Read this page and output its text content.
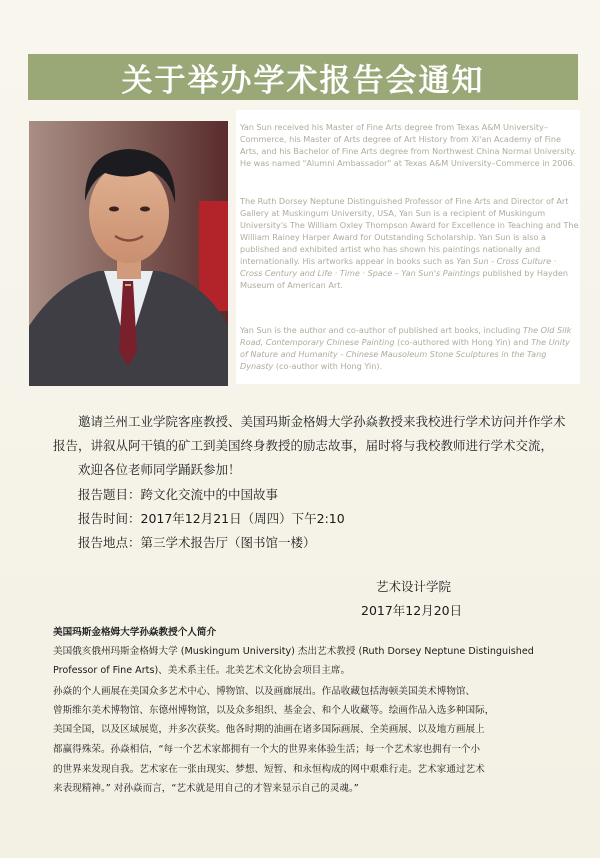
关于举办学术报告会通知

Yan Sun received his Master of Fine Arts degree from Texas A&M University–Commerce, his Master of Arts degree of Art History from Xi'an Academy of Fine Arts, and his Bachelor of Fine Arts degree from Northwest China Normal University. He was named "Alumni Ambassador" at Texas A&M University–Commerce in 2006.

The Ruth Dorsey Neptune Distinguished Professor of Fine Arts and Director of Art Gallery at Muskingum University, USA, Yan Sun is a recipient of Muskingum University's The William Oxley Thompson Award for Excellence in Teaching and The William Rainey Harper Award for Outstanding Scholarship. Yan Sun is also a published and exhibited artist who has shown his paintings nationally and internationally. His artworks appear in books such as Yan Sun - Cross Culture · Cross Century and Life · Time · Space – Yan Sun's Paintings published by Hayden Museum of American Art.

Yan Sun is the author and co-author of published art books, including The Old Silk Road, Contemporary Chinese Painting (co-authored with Hong Yin) and The Unity of Nature and Humanity - Chinese Mausoleum Stone Sculptures in the Tang Dynasty (co-author with Hong Yin).

邀请兰州工业学院客座教授、美国玛斯金格姆大学孙焱教授来我校进行学术访问并作学术

报告，讲叙从阿干镇的矿工到美国终身教授的励志故事，届时将与我校教师进行学术交流，

欢迎各位老师同学踊跃参加！

报告题目：跨文化交流中的中国故事

报告时间：2017年12月21日（周四）下午2:10

报告地点：第三学术报告厅（图书馆一楼）

艺术设计学院

2017年12月20日

美国玛斯金格姆大学孙焱教授个人简介

美国俄亥俄州玛斯金格姆大学 (Muskingum University) 杰出艺术教授 (Ruth Dorsey Neptune Distinguished

Professor of Fine Arts)、美术系主任。北美艺术文化协会项目主席。

孙焱的个人画展在美国众多艺术中心、博物馆、以及画廊展出。作品收藏包括海顿美国美术博物馆、

曾斯维尔美术博物馆、东德州博物馆，以及众多组织、基金会、和个人收藏等。绘画作品入选多种国际，

美国全国，以及区域展览，并多次获奖。他各时期的油画在诸多国际画展、全美画展、以及地方画展上

都赢得殊荣。孙焱相信，“每一个艺术家都拥有一个大的世界来体验生活；每一个艺术家也拥有一个小

的世界来发现自我。艺术家在一张由现实、梦想、短暂、和永恒构成的网中艰难行走。艺术家通过艺术

来表现精神。” 对孙焱而言，“艺术就是用自己的才智来显示自己的灵魂。”
